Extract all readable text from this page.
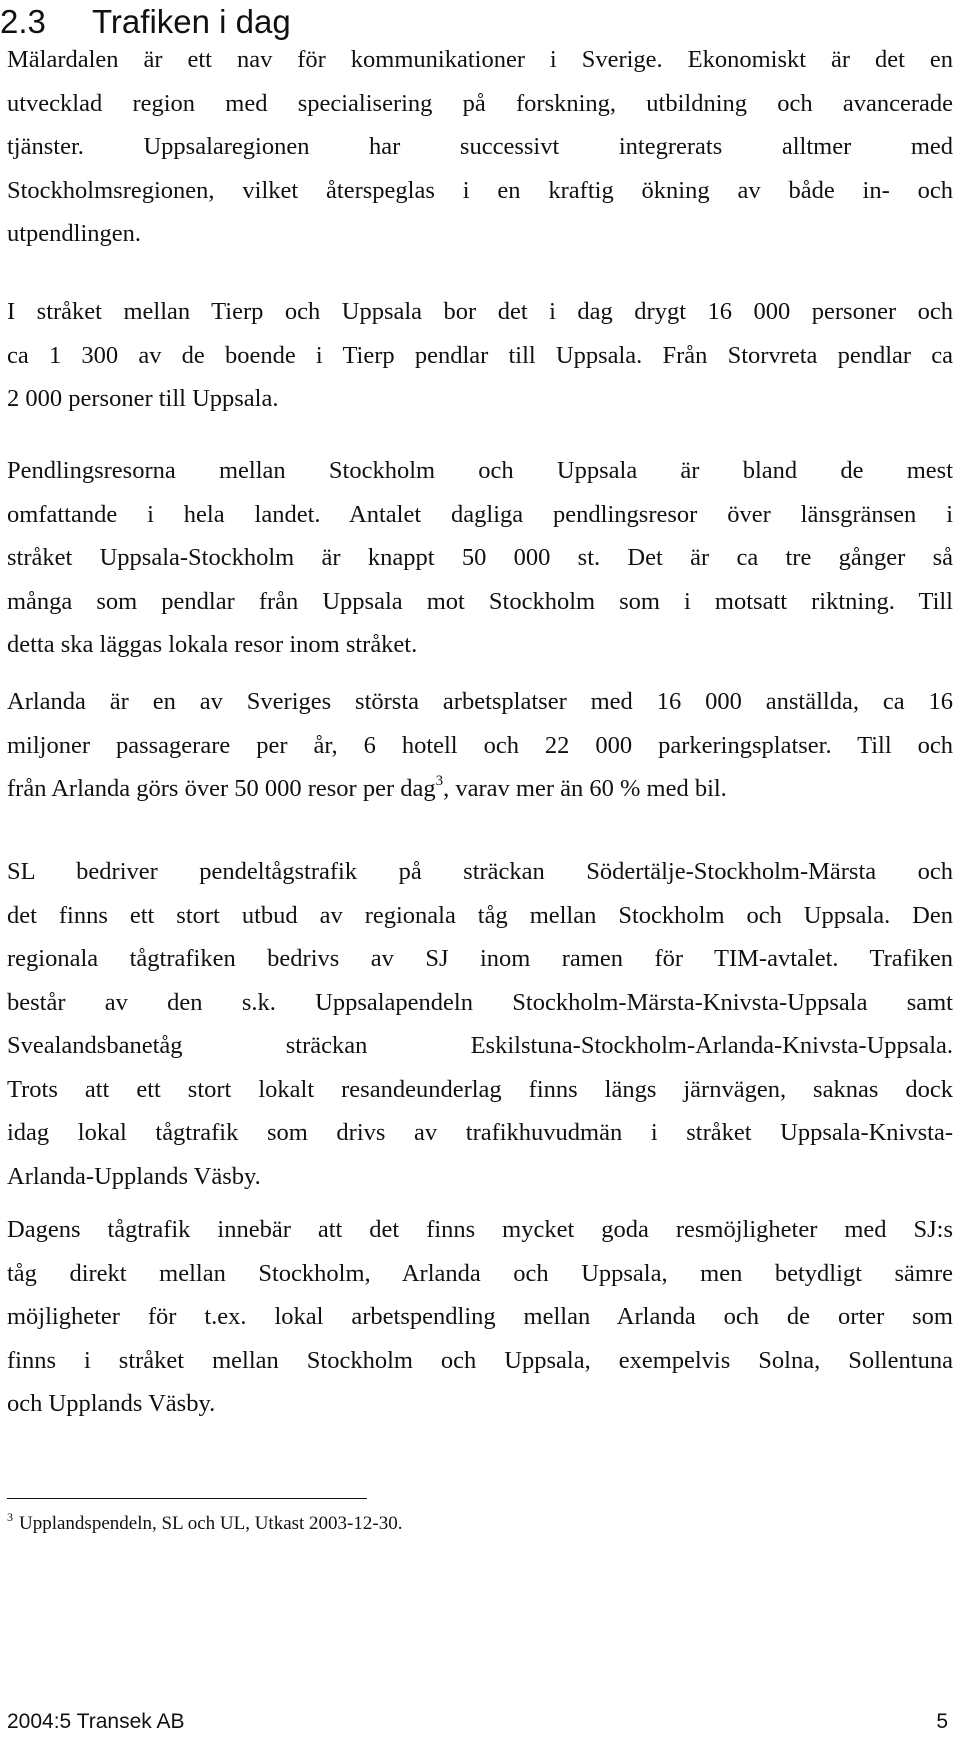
2.3 Trafiken i dag
Mälardalen är ett nav för kommunikationer i Sverige. Ekonomiskt är det en
utvecklad region med specialisering på forskning, utbildning och avancerade
tjänster. Uppsalaregionen har successivt integrerats alltmer med
Stockholmsregionen, vilket återspeglas i en kraftig ökning av både in- och
utpendlingen.
I stråket mellan Tierp och Uppsala bor det i dag drygt 16 000 personer och
ca 1 300 av de boende i Tierp pendlar till Uppsala. Från Storvreta pendlar ca
2 000 personer till Uppsala.
Pendlingsresorna mellan Stockholm och Uppsala är bland de mest
omfattande i hela landet. Antalet dagliga pendlingsresor över länsgränsen i
stråket Uppsala-Stockholm är knappt 50 000 st. Det är ca tre gånger så
många som pendlar från Uppsala mot Stockholm som i motsatt riktning. Till
detta ska läggas lokala resor inom stråket.
Arlanda är en av Sveriges största arbetsplatser med 16 000 anställda, ca 16
miljoner passagerare per år, 6 hotell och 22 000 parkeringsplatser. Till och
från Arlanda görs över 50 000 resor per dag$^3$, varav mer än 60 % med bil.
SL bedriver pendeltågstrafik på sträckan Södertälje-Stockholm-Märsta och
det finns ett stort utbud av regionala tåg mellan Stockholm och Uppsala. Den
regionala tågtrafiken bedrivs av SJ inom ramen för TIM-avtalet. Trafiken
består av den s.k. Uppsalapendeln Stockholm-Märsta-Knivsta-Uppsala samt
Svealandsbanetåg sträckan Eskilstuna-Stockholm-Arlanda-Knivsta-Uppsala.
Trots att ett stort lokalt resandeunderlag finns längs järnvägen, saknas dock
idag lokal tågtrafik som drivs av trafikhuvudmän i stråket Uppsala-Knivsta-
Arlanda-Upplands Väsby.
Dagens tågtrafik innebär att det finns mycket goda resmöjligheter med SJ:s
tåg direkt mellan Stockholm, Arlanda och Uppsala, men betydligt sämre
möjligheter för t.ex. lokal arbetspendling mellan Arlanda och de orter som
finns i stråket mellan Stockholm och Uppsala, exempelvis Solna, Sollentuna
och Upplands Väsby.

$^3$ Upplandspendeln, SL och UL, Utkast 2003-12-30.

2004:5 Transek AB	5
